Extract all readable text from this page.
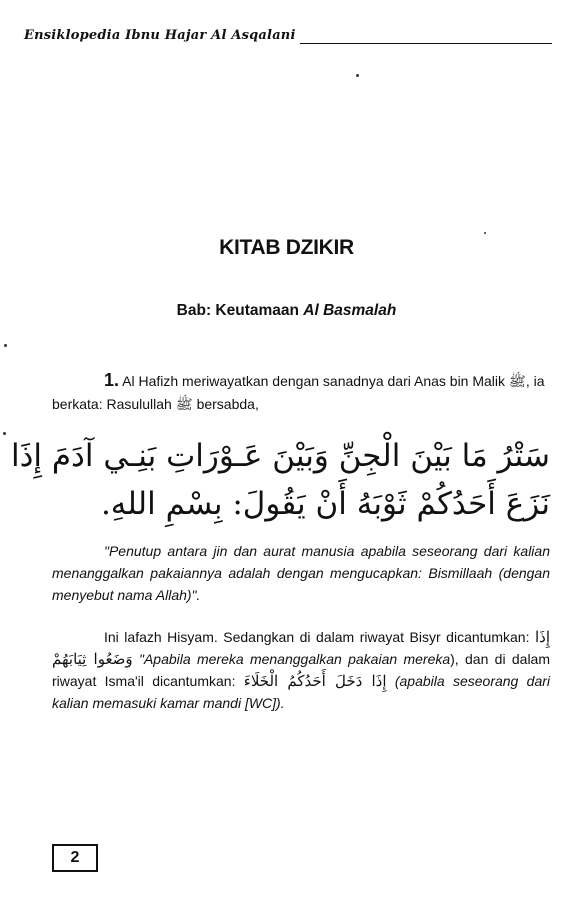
Ensiklopedia Ibnu Hajar Al Asqalani
KITAB DZIKIR
Bab: Keutamaan Al Basmalah
1. Al Hafizh meriwayatkan dengan sanadnya dari Anas bin Malik ﷺ, ia berkata: Rasulullah ﷺ bersabda,
سَتْرُ مَا بَيْنَ الْجِنِّ وَبَيْنَ عَـوْرَاتِ بَنِـي آدَمَ إِذَا
نَزَعَ أَحَدُكُمْ ثَوْبَهُ أَنْ يَقُولَ: بِسْمِ اللهِ.
"Penutup antara jin dan aurat manusia apabila seseorang dari kalian menanggalkan pakaiannya adalah dengan mengucapkan: Bismillaah (dengan menyebut nama Allah)".
Ini lafazh Hisyam. Sedangkan di dalam riwayat Bisyr dicantumkan: إِذَا وَضَعُوا ثِيَابَهُمْ "Apabila mereka menanggalkan pakaian mereka), dan di dalam riwayat Isma'il dicantumkan: إِذَا دَخَلَ أَحَدُكُمُ الْخَلَاءَ (apabila seseorang dari kalian memasuki kamar mandi [WC]).
2
